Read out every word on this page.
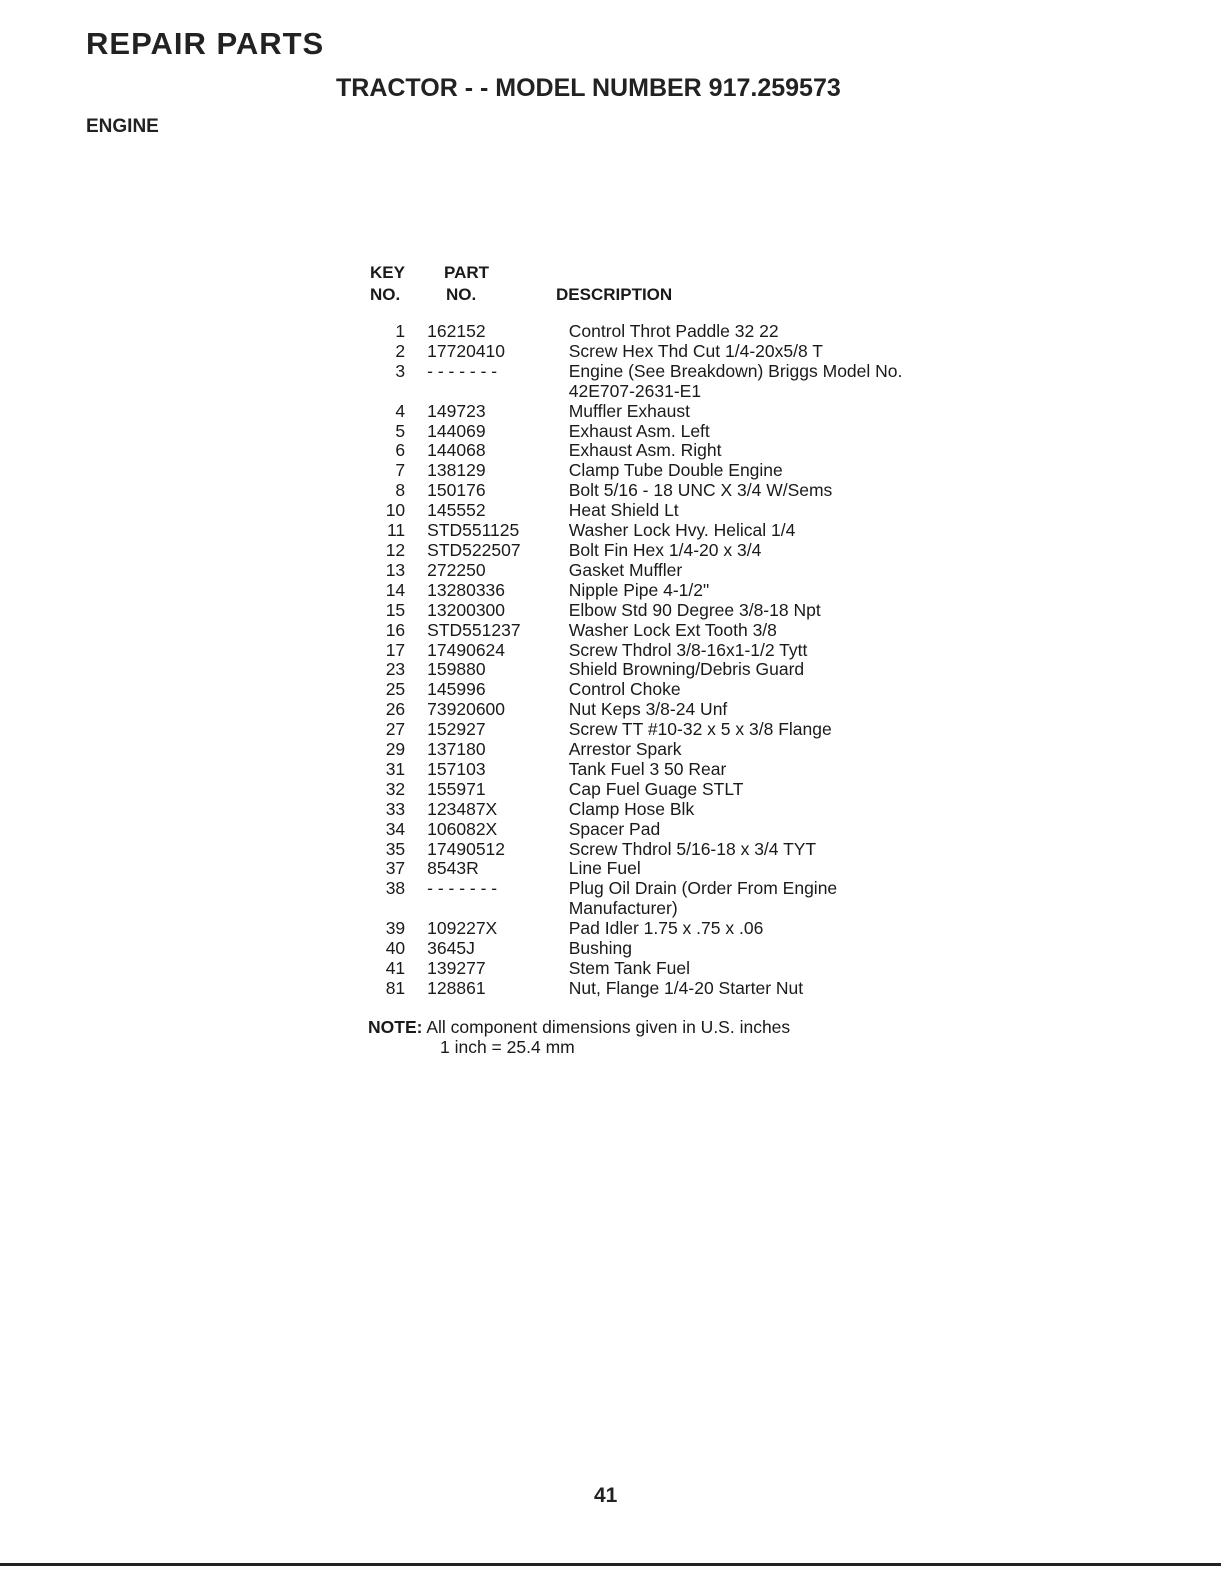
REPAIR PARTS
TRACTOR - - MODEL NUMBER 917.259573
ENGINE
KEY
NO.
PART
NO.	DESCRIPTION
1	162152	Control Throt Paddle 32 22
2	17720410	Screw Hex Thd Cut 1/4-20x5/8 T
3	- - - - - - -	Engine (See Breakdown) Briggs Model No. 42E707-2631-E1
4	149723	Muffler Exhaust
5	144069	Exhaust Asm. Left
6	144068	Exhaust Asm. Right
7	138129	Clamp Tube Double Engine
8	150176	Bolt 5/16 - 18 UNC X 3/4 W/Sems
10	145552	Heat Shield Lt
11	STD551125	Washer Lock Hvy. Helical 1/4
12	STD522507	Bolt Fin Hex 1/4-20 x 3/4
13	272250	Gasket Muffler
14	13280336	Nipple Pipe 4-1/2"
15	13200300	Elbow Std 90 Degree 3/8-18 Npt
16	STD551237	Washer Lock Ext Tooth 3/8
17	17490624	Screw Thdrol 3/8-16x1-1/2 Tytt
23	159880	Shield Browning/Debris Guard
25	145996	Control Choke
26	73920600	Nut Keps 3/8-24 Unf
27	152927	Screw TT #10-32 x 5 x 3/8 Flange
29	137180	Arrestor Spark
31	157103	Tank Fuel 3 50 Rear
32	155971	Cap Fuel Guage STLT
33	123487X	Clamp Hose Blk
34	106082X	Spacer Pad
35	17490512	Screw Thdrol 5/16-18 x 3/4 TYT
37	8543R	Line Fuel
38	- - - - - - -	Plug Oil Drain (Order From Engine Manufacturer)
39	109227X	Pad Idler 1.75 x .75 x .06
40	3645J	Bushing
41	139277	Stem Tank Fuel
81	128861	Nut, Flange 1/4-20 Starter Nut
NOTE: All component dimensions given in U.S. inches
1 inch = 25.4 mm
41
